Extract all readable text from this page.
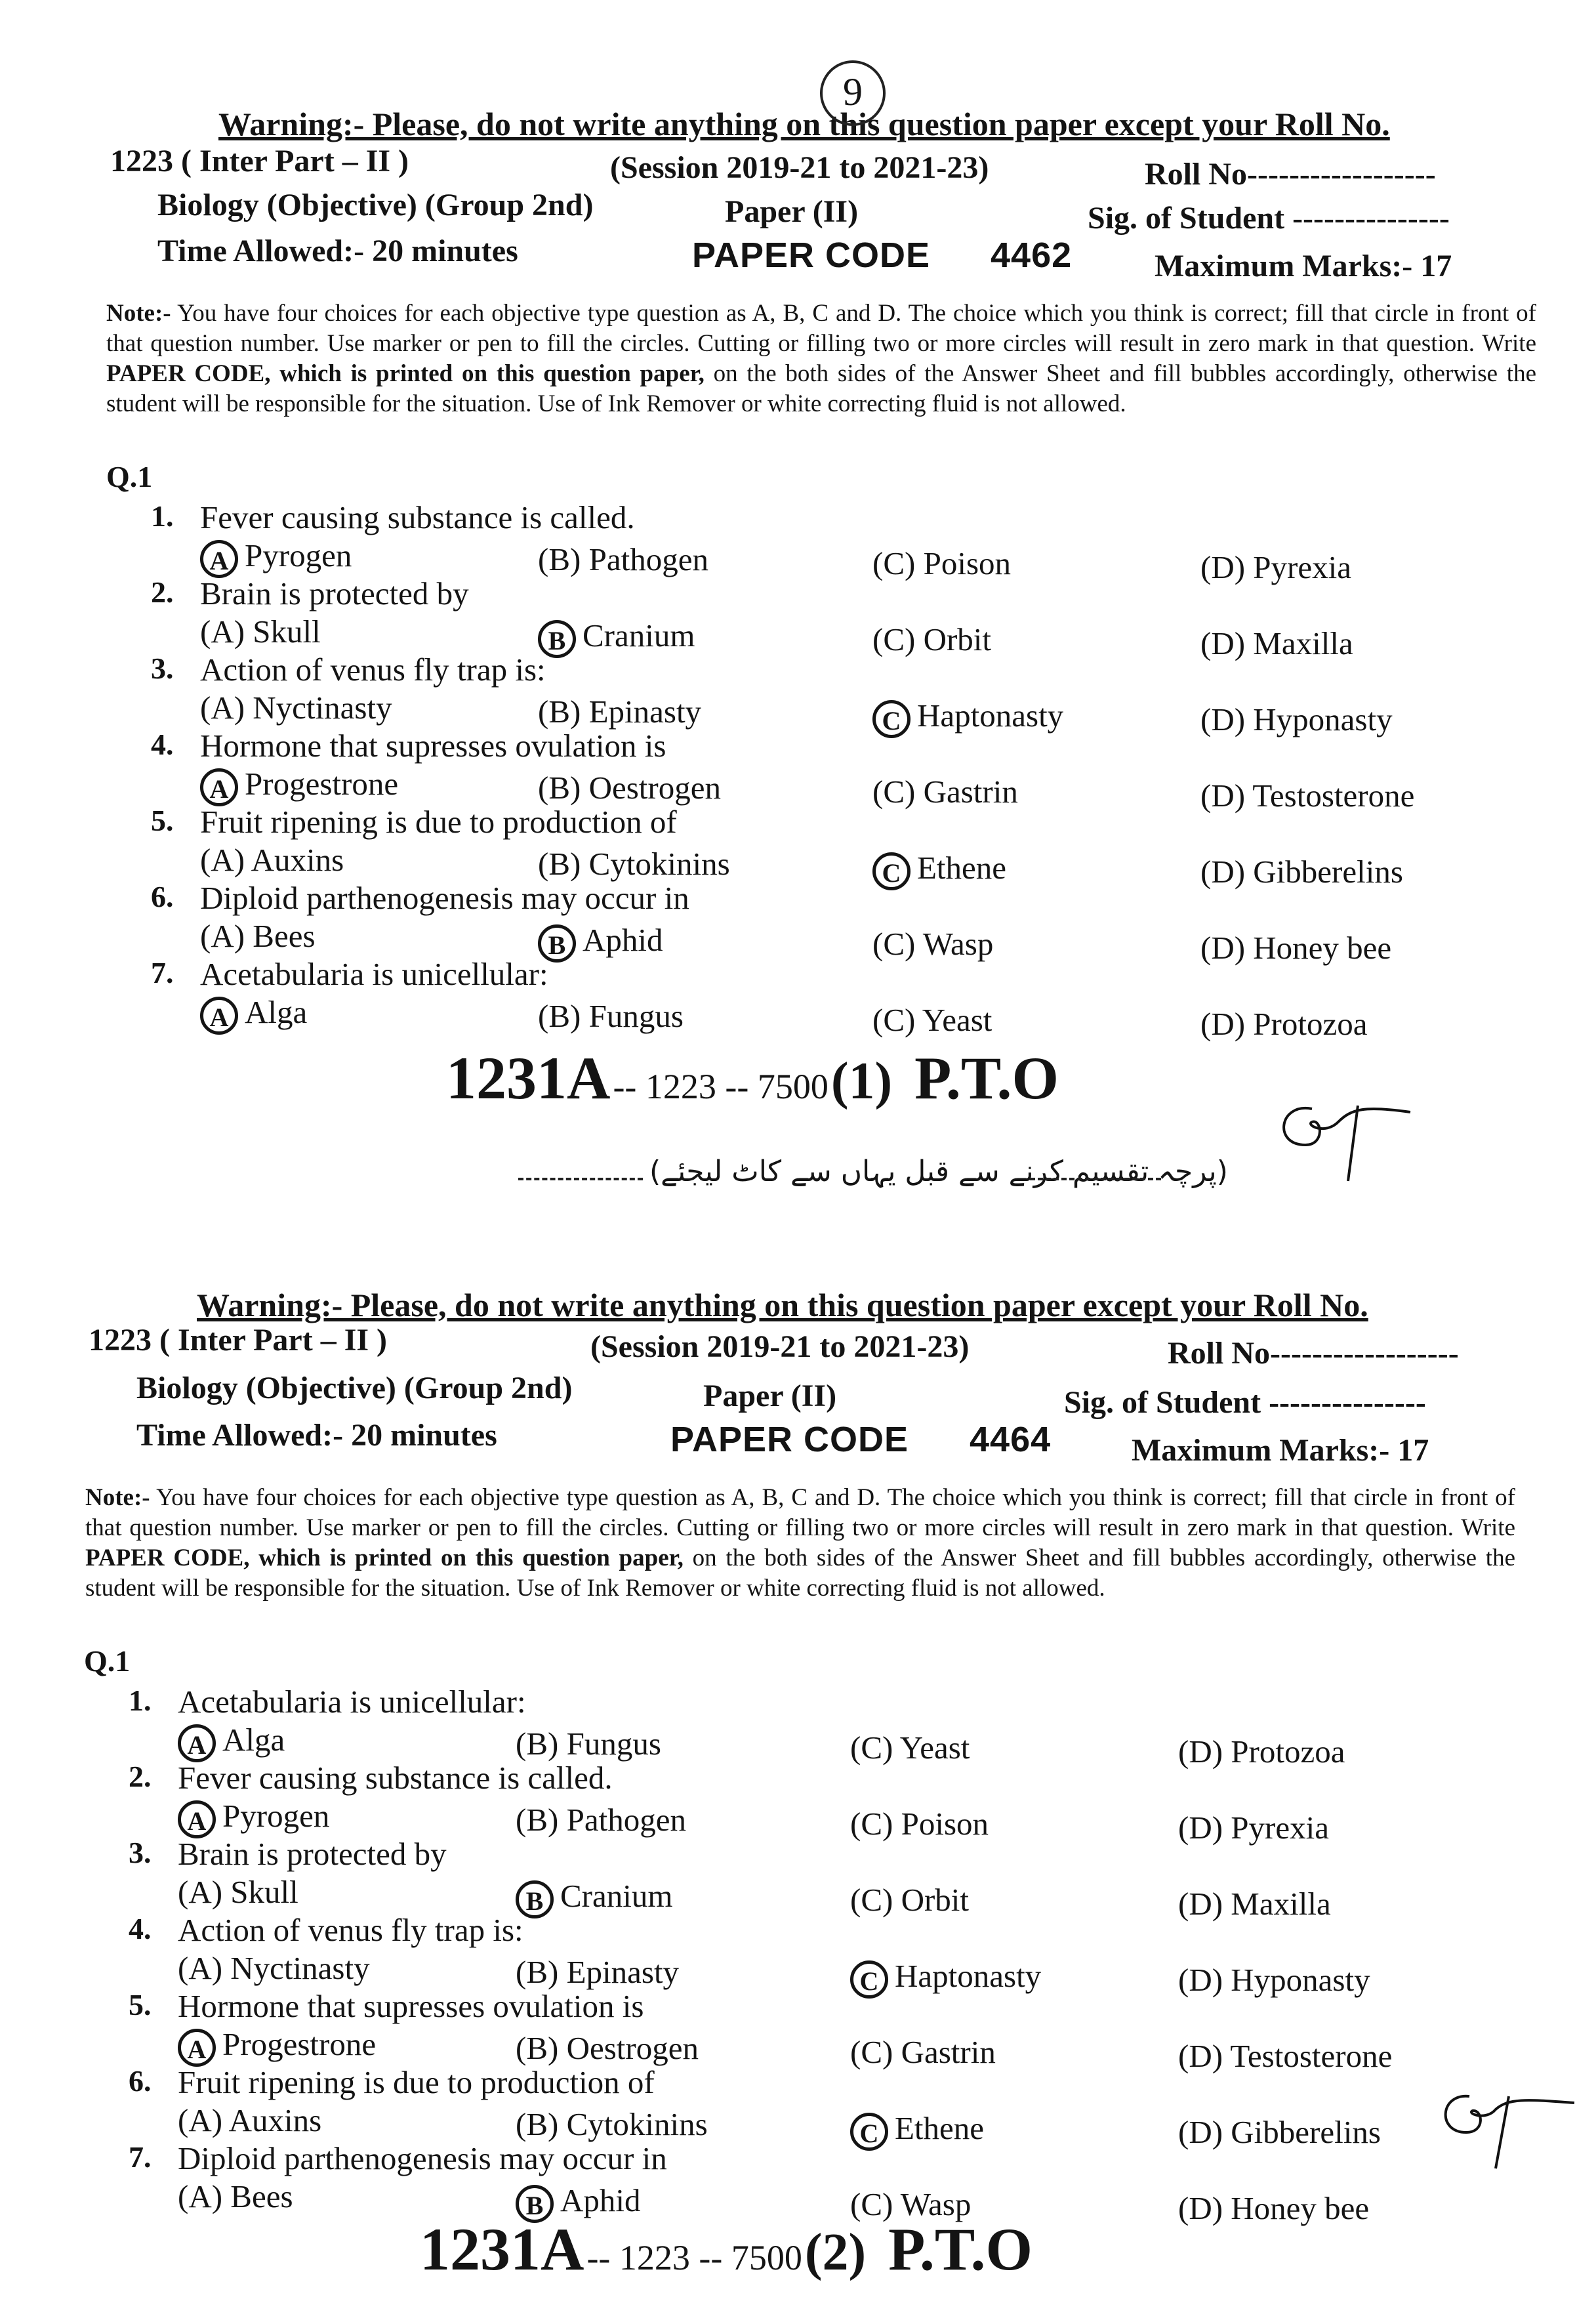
Warning:- Please, do not write anything on this question paper except your Roll No.
9
1223 ( Inter Part – II )	(Session 2019-21 to 2021-23)	Roll No------------------
Biology (Objective) (Group 2nd)	Paper (II)	Sig. of Student ---------------
Time Allowed:- 20 minutes	PAPER CODE 4462	Maximum Marks:- 17
Note:- You have four choices for each objective type question as A, B, C and D. The choice which you think is correct; fill that circle in front of that question number. Use marker or pen to fill the circles. Cutting or filling two or more circles will result in zero mark in that question. Write PAPER CODE, which is printed on this question paper, on the both sides of the Answer Sheet and fill bubbles accordingly, otherwise the student will be responsible for the situation. Use of Ink Remover or white correcting fluid is not allowed.
Q.1
1. Fever causing substance is called.
A Pyrogen	(B) Pathogen	(C) Poison	(D) Pyrexia
2. Brain is protected by
(A) Skull	B Cranium	(C) Orbit	(D) Maxilla
3. Action of venus fly trap is:
(A) Nyctinasty	(B) Epinasty	C Haptonasty	(D) Hyponasty
4. Hormone that supresses ovulation is
A Progestrone	(B) Oestrogen	(C) Gastrin	(D) Testosterone
5. Fruit ripening is due to production of
(A) Auxins	(B) Cytokinins	C Ethene	(D) Gibberelins
6. Diploid parthenogenesis may occur in
(A) Bees	B Aphid	(C) Wasp	(D) Honey bee
7. Acetabularia is unicellular:
A Alga	(B) Fungus	(C) Yeast	(D) Protozoa
1231A -- 1223 -- 7500 (1) P.T.O
(پرچہ تقسیم کرنے سے قبل یہاں سے کاٹ لیجئے)
Warning:- Please, do not write anything on this question paper except your Roll No.
1223 ( Inter Part – II )	(Session 2019-21 to 2021-23)	Roll No------------------
Biology (Objective) (Group 2nd)	Paper (II)	Sig. of Student ---------------
Time Allowed:- 20 minutes	PAPER CODE 4464	Maximum Marks:- 17
Note:- You have four choices for each objective type question as A, B, C and D. The choice which you think is correct; fill that circle in front of that question number. Use marker or pen to fill the circles. Cutting or filling two or more circles will result in zero mark in that question. Write PAPER CODE, which is printed on this question paper, on the both sides of the Answer Sheet and fill bubbles accordingly, otherwise the student will be responsible for the situation. Use of Ink Remover or white correcting fluid is not allowed.
Q.1
1. Acetabularia is unicellular:
A Alga	(B) Fungus	(C) Yeast	(D) Protozoa
2. Fever causing substance is called.
A Pyrogen	(B) Pathogen	(C) Poison	(D) Pyrexia
3. Brain is protected by
(A) Skull	B Cranium	(C) Orbit	(D) Maxilla
4. Action of venus fly trap is:
(A) Nyctinasty	(B) Epinasty	C Haptonasty	(D) Hyponasty
5. Hormone that supresses ovulation is
A Progestrone	(B) Oestrogen	(C) Gastrin	(D) Testosterone
6. Fruit ripening is due to production of
(A) Auxins	(B) Cytokinins	C Ethene	(D) Gibberelins
7. Diploid parthenogenesis may occur in
(A) Bees	B Aphid	(C) Wasp	(D) Honey bee
1231A -- 1223 -- 7500 (2) P.T.O
